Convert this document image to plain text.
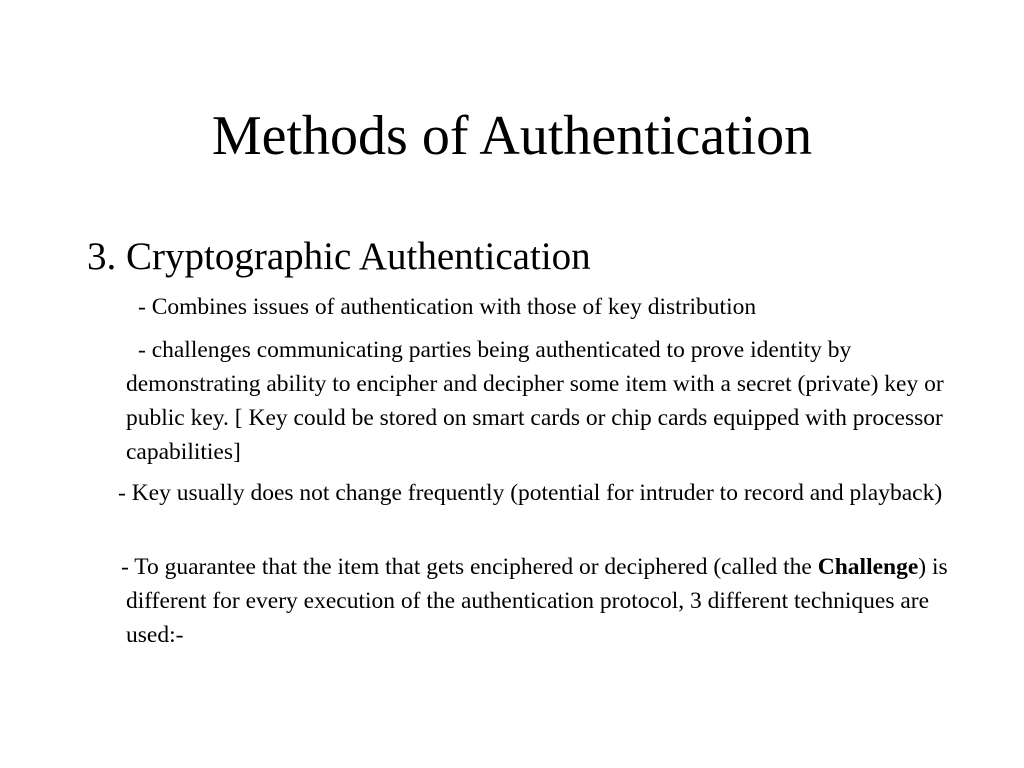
Methods of Authentication
3. Cryptographic Authentication

- Combines issues of authentication with those of key distribution

- challenges communicating parties being authenticated to prove identity by demonstrating ability to encipher and decipher some item with a secret (private) key or public key. [ Key could be stored on smart cards or chip cards equipped with processor capabilities]

- Key usually does not change frequently (potential for intruder to record and playback)

- To guarantee that the item that gets enciphered or deciphered (called the Challenge) is different for every execution of the authentication protocol, 3 different techniques are used:-
